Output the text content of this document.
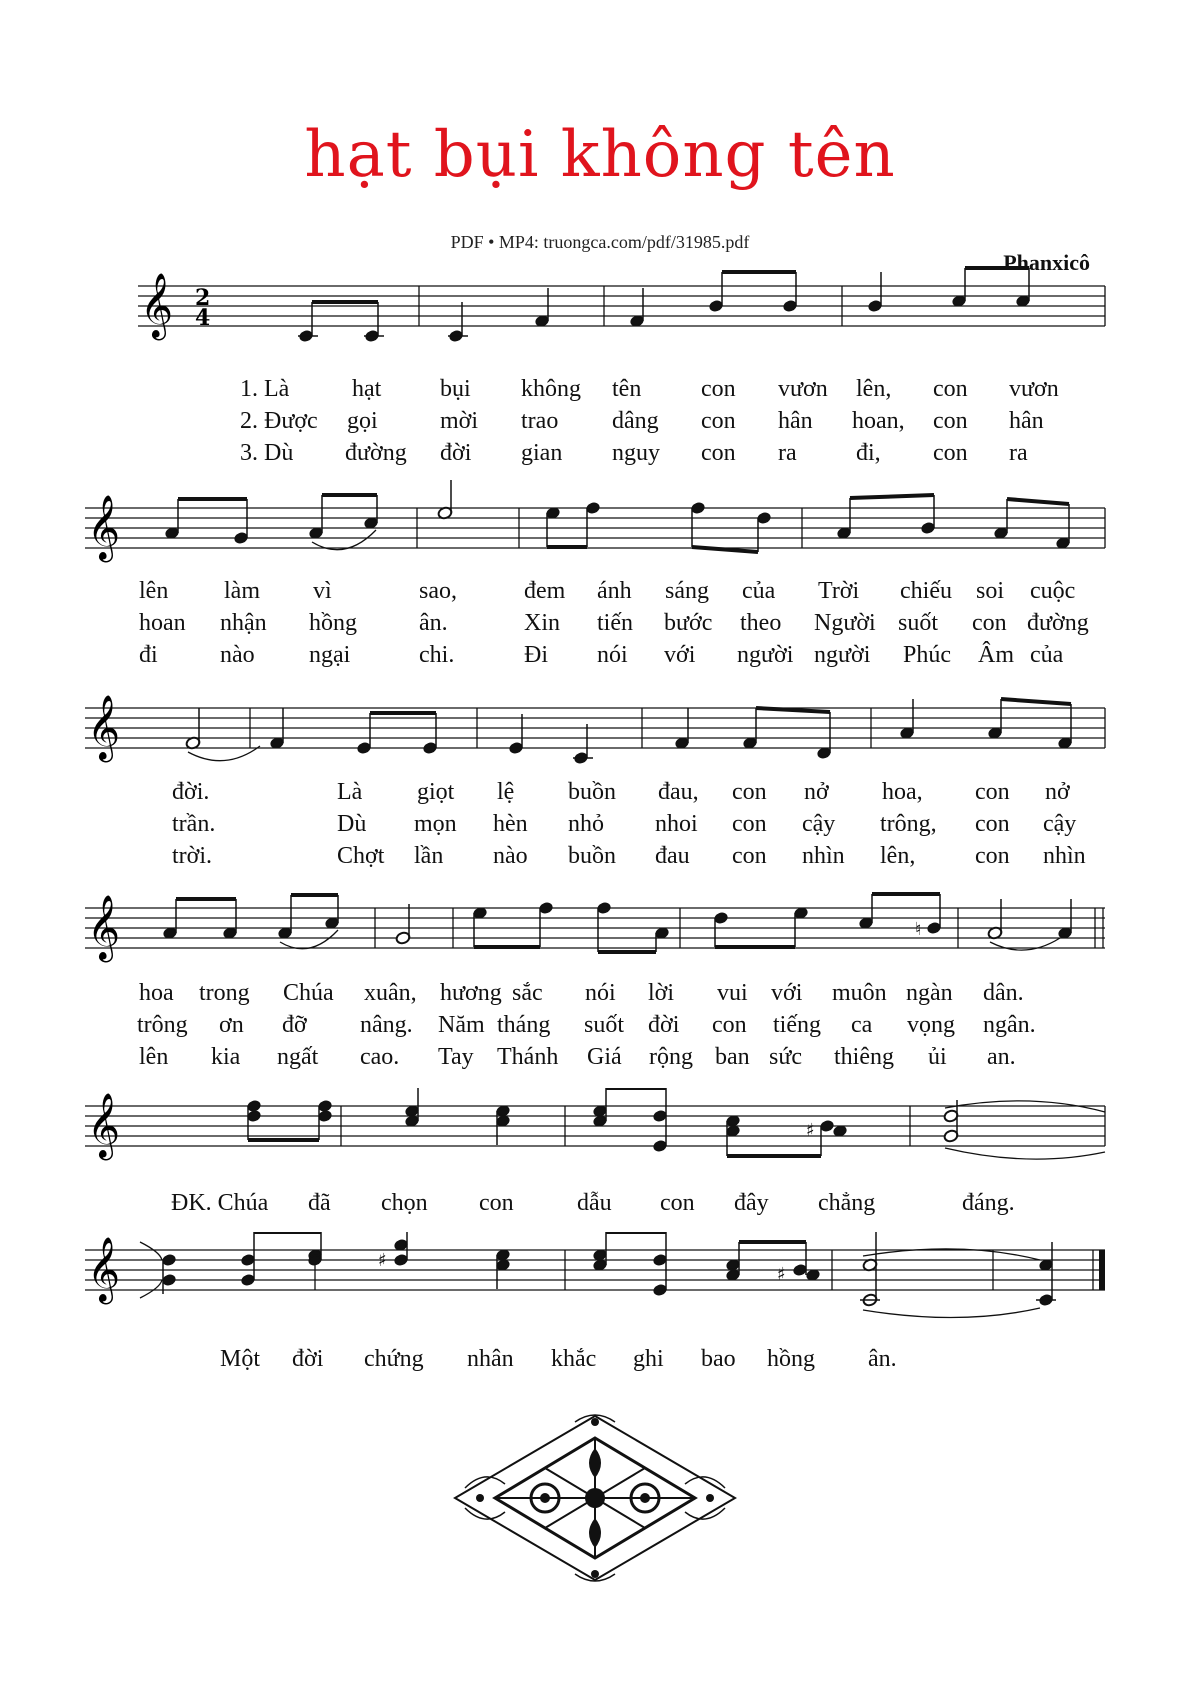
hạt bụi không tên
PDF • MP4: truongca.com/pdf/31985.pdf
Phanxicô
𝄞 2
4
1. Là	hạt bụi không tên con vươn lên, con vươn
2. Được gọi	mời trao dâng con hân hoan, con hân
3. Dù đường đời gian nguy con ra đi, con ra
𝄞
lên làm vì	sao,	đem ánh sáng của Trời chiếu soi cuộc
hoan nhận hồng	ân.	Xin tiến bước theo Người suốt con đường
đi	nào ngại	chi.	Đi nói với người người Phúc Âm của
𝄞
đời.	Là giọt lệ buồn đau, con nở hoa, con nở
trần.	Dù mọn hèn nhỏ nhoi con cậy trông, con cậy
trời.	Chợt lần nào buồn đau con nhìn lên, con nhìn
𝄞	♮
hoa trong Chúa xuân, hương sắc nói lời vui với muôn ngàn dân.
trông ơn đỡ nâng. Năm tháng suốt đời con tiếng ca vọng ngân.
lên kia ngất cao. Tay Thánh Giá rộng ban sức thiêng ủi an.
𝄞	♯
ĐK. Chúa đã chọn con	dẫu con đây chẳng	đáng.
𝄞	♯
♯
Một đời chứng nhân khắc ghi bao hồng ân.
